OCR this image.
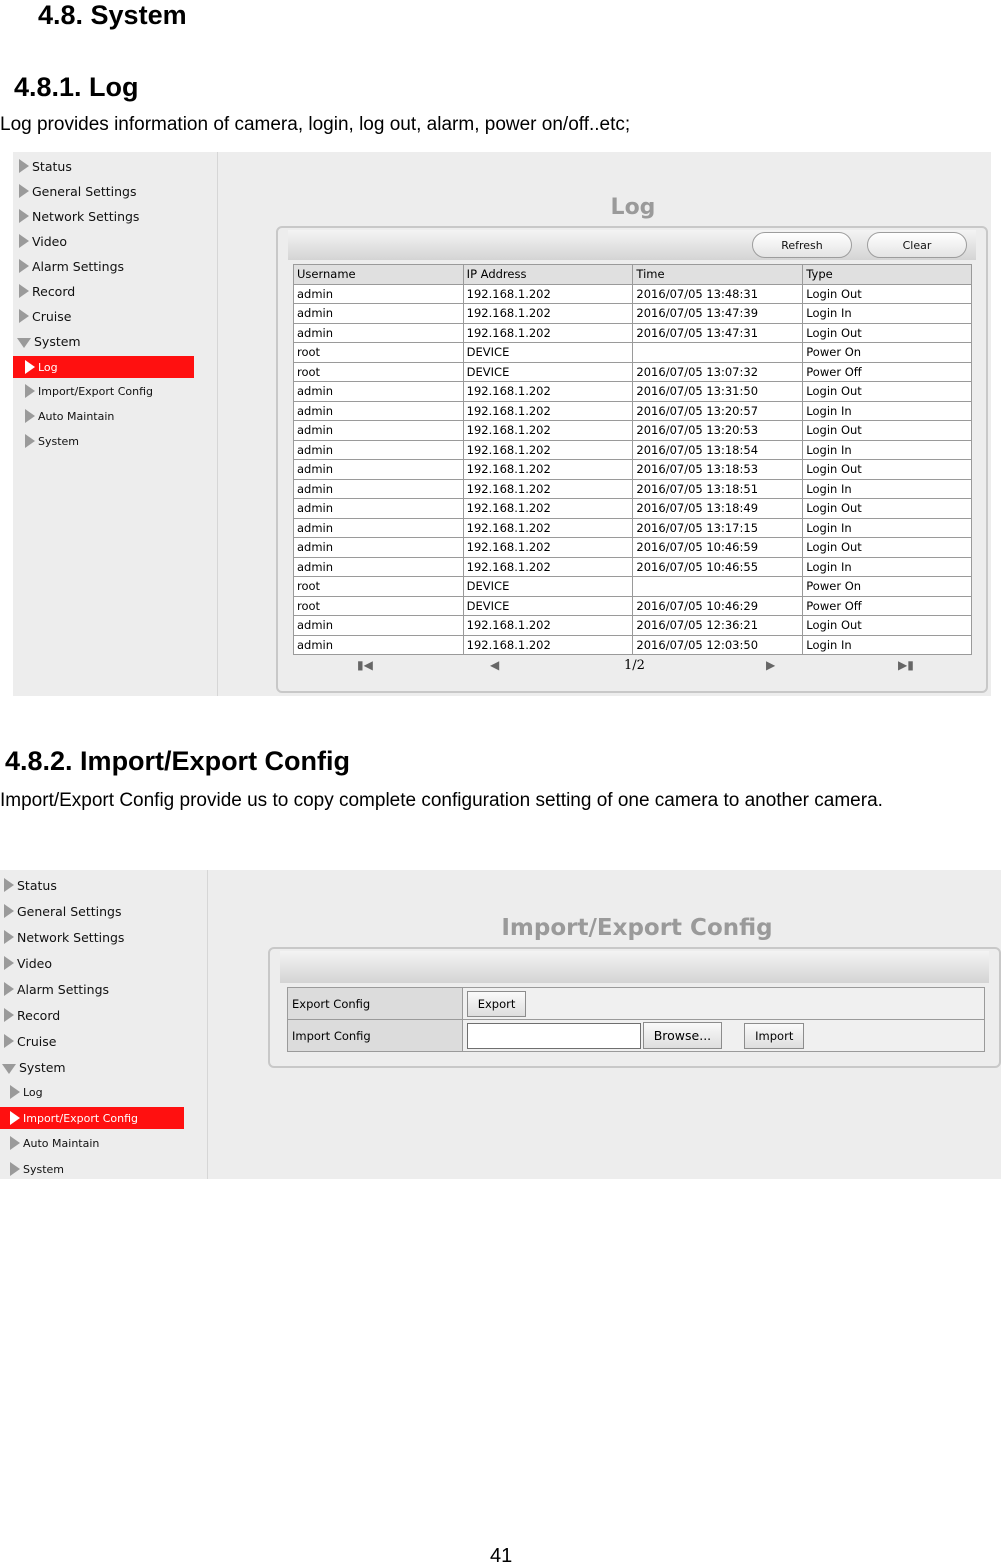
4.8. System
4.8.1. Log
Log provides information of camera, login, log out, alarm, power on/off..etc;
Status
General Settings
Network Settings
Video
Alarm Settings
Record
Cruise
System
Log
Import/Export Config
Auto Maintain
System
Log
Refresh	Clear
Username	IP Address	Time	Type
admin	192.168.1.202	2016/07/05 13:48:31	Login Out
admin	192.168.1.202	2016/07/05 13:47:39	Login In
admin	192.168.1.202	2016/07/05 13:47:31	Login Out
root	DEVICE		Power On
root	DEVICE	2016/07/05 13:07:32	Power Off
admin	192.168.1.202	2016/07/05 13:31:50	Login Out
admin	192.168.1.202	2016/07/05 13:20:57	Login In
admin	192.168.1.202	2016/07/05 13:20:53	Login Out
admin	192.168.1.202	2016/07/05 13:18:54	Login In
admin	192.168.1.202	2016/07/05 13:18:53	Login Out
admin	192.168.1.202	2016/07/05 13:18:51	Login In
admin	192.168.1.202	2016/07/05 13:18:49	Login Out
admin	192.168.1.202	2016/07/05 13:17:15	Login In
admin	192.168.1.202	2016/07/05 10:46:59	Login Out
admin	192.168.1.202	2016/07/05 10:46:55	Login In
root	DEVICE		Power On
root	DEVICE	2016/07/05 10:46:29	Power Off
admin	192.168.1.202	2016/07/05 12:36:21	Login Out
admin	192.168.1.202	2016/07/05 12:03:50	Login In
▮◀	◀	1/2	▶	▶▮
4.8.2. Import/Export Config
Import/Export Config provide us to copy complete configuration setting of one camera to another camera.
Status
General Settings
Network Settings
Video
Alarm Settings
Record
Cruise
System
Log
Import/Export Config
Auto Maintain
System
Import/Export Config
Export Config	Export
Import Config	Browse... Import
41
